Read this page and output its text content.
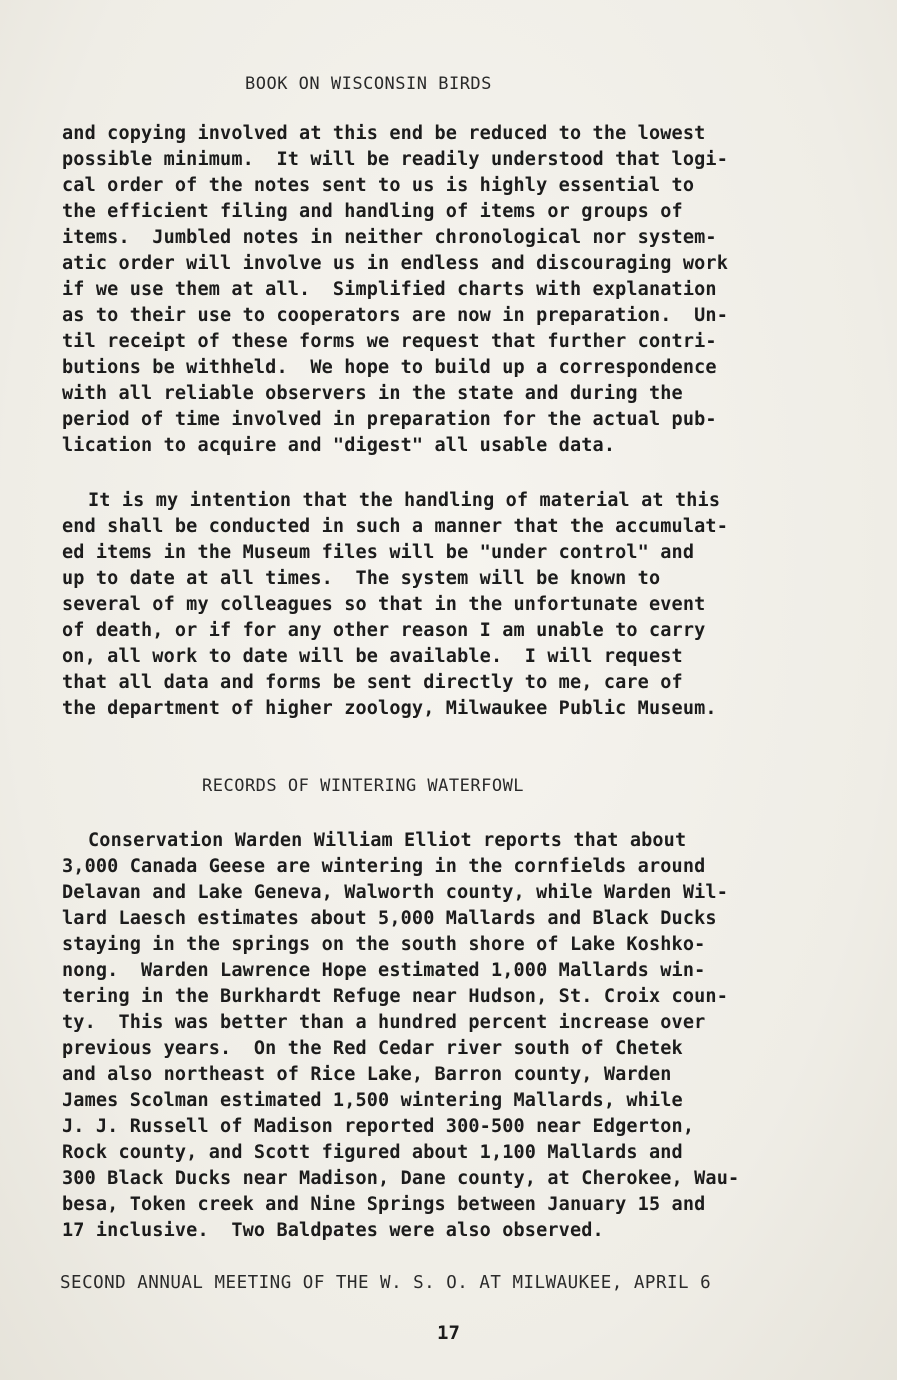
BOOK ON WISCONSIN BIRDS
and copying involved at this end be reduced to the lowest
possible minimum.  It will be readily understood that logi-
cal order of the notes sent to us is highly essential to
the efficient filing and handling of items or groups of
items.  Jumbled notes in neither chronological nor system-
atic order will involve us in endless and discouraging work
if we use them at all.  Simplified charts with explanation
as to their use to cooperators are now in preparation.  Un-
til receipt of these forms we request that further contri-
butions be withheld.  We hope to build up a correspondence
with all reliable observers in the state and during the
period of time involved in preparation for the actual pub-
lication to acquire and "digest" all usable data.
It is my intention that the handling of material at this
end shall be conducted in such a manner that the accumulat-
ed items in the Museum files will be "under control" and
up to date at all times.  The system will be known to
several of my colleagues so that in the unfortunate event
of death, or if for any other reason I am unable to carry
on, all work to date will be available.  I will request
that all data and forms be sent directly to me, care of
the department of higher zoology, Milwaukee Public Museum.
RECORDS OF WINTERING WATERFOWL
Conservation Warden William Elliot reports that about
3,000 Canada Geese are wintering in the cornfields around
Delavan and Lake Geneva, Walworth county, while Warden Wil-
lard Laesch estimates about 5,000 Mallards and Black Ducks
staying in the springs on the south shore of Lake Koshko-
nong.  Warden Lawrence Hope estimated 1,000 Mallards win-
tering in the Burkhardt Refuge near Hudson, St. Croix coun-
ty.  This was better than a hundred percent increase over
previous years.  On the Red Cedar river south of Chetek
and also northeast of Rice Lake, Barron county, Warden
James Scolman estimated 1,500 wintering Mallards, while
J. J. Russell of Madison reported 300-500 near Edgerton,
Rock county, and Scott figured about 1,100 Mallards and
300 Black Ducks near Madison, Dane county, at Cherokee, Wau-
besa, Token creek and Nine Springs between January 15 and
17 inclusive.  Two Baldpates were also observed.
SECOND ANNUAL MEETING OF THE W. S. O. AT MILWAUKEE, APRIL 6
17
